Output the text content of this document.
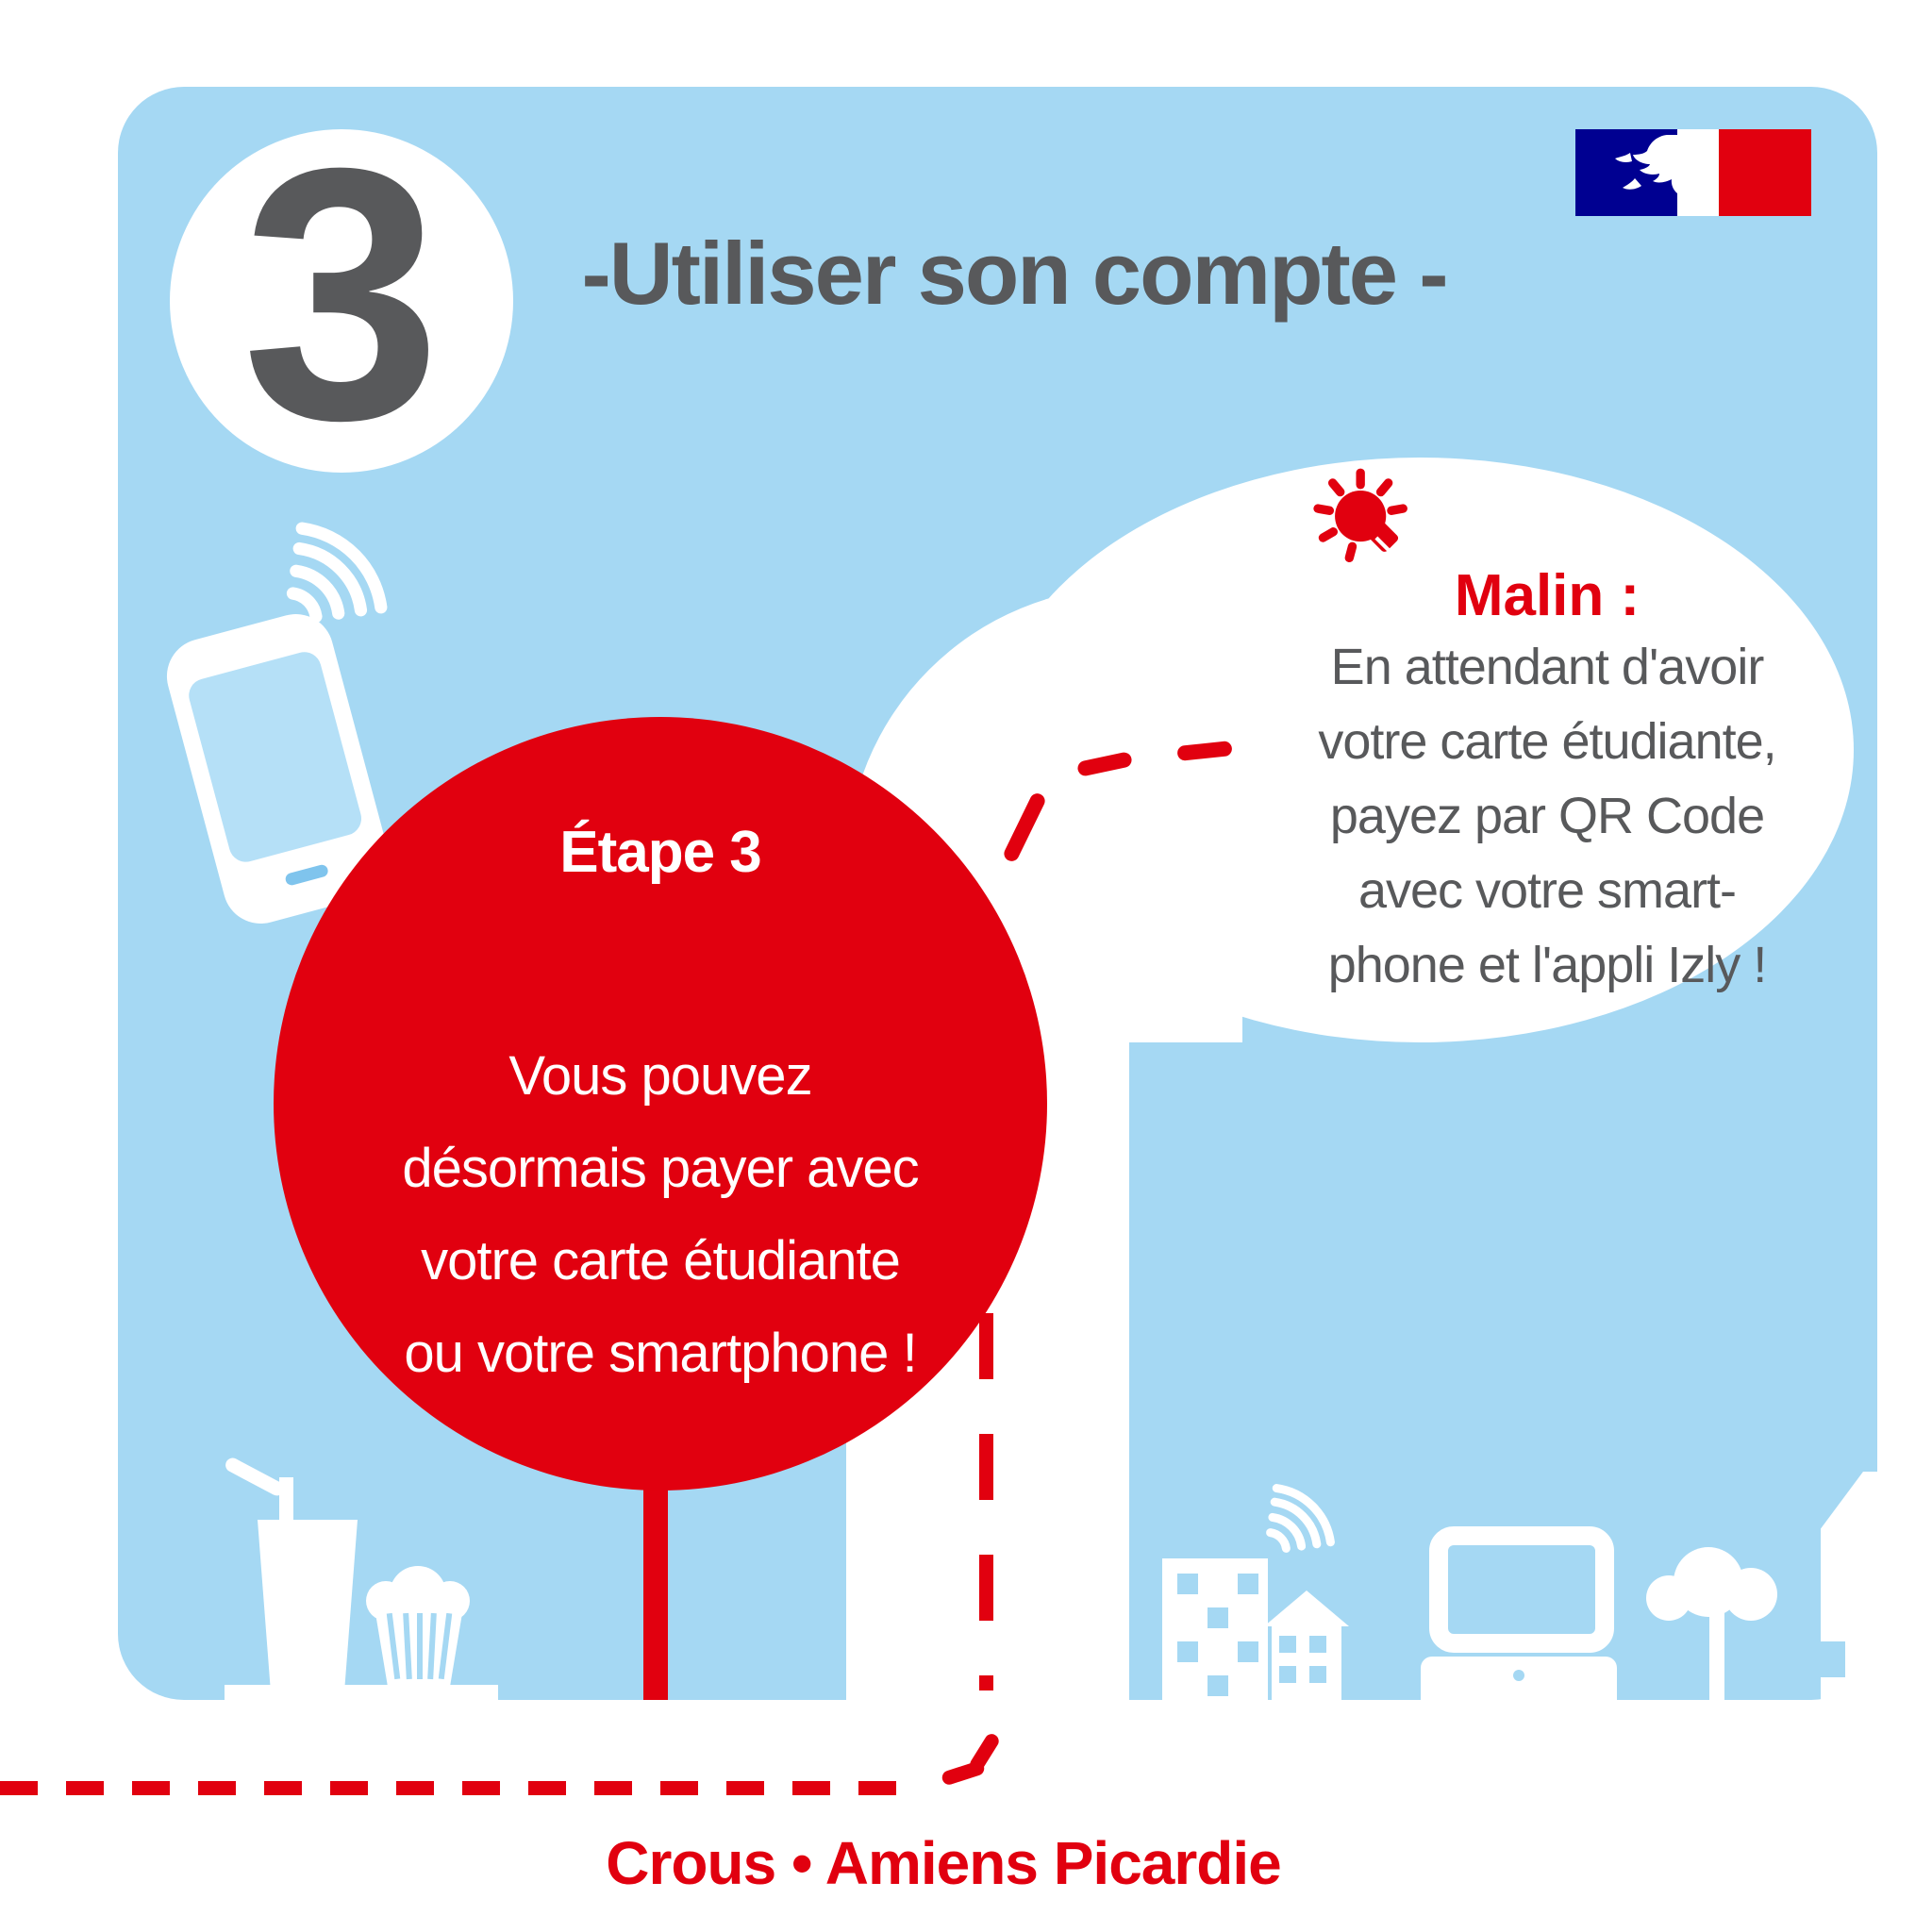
3	-Utiliser son compte -
Malin :
En attendant d'avoir
votre carte étudiante,
payez par QR Code
avec votre smart-
phone et l'appli Izly !
Étape 3
Vous pouvez
désormais payer avec
votre carte étudiante
ou votre smartphone !
Crous • Amiens Picardie
